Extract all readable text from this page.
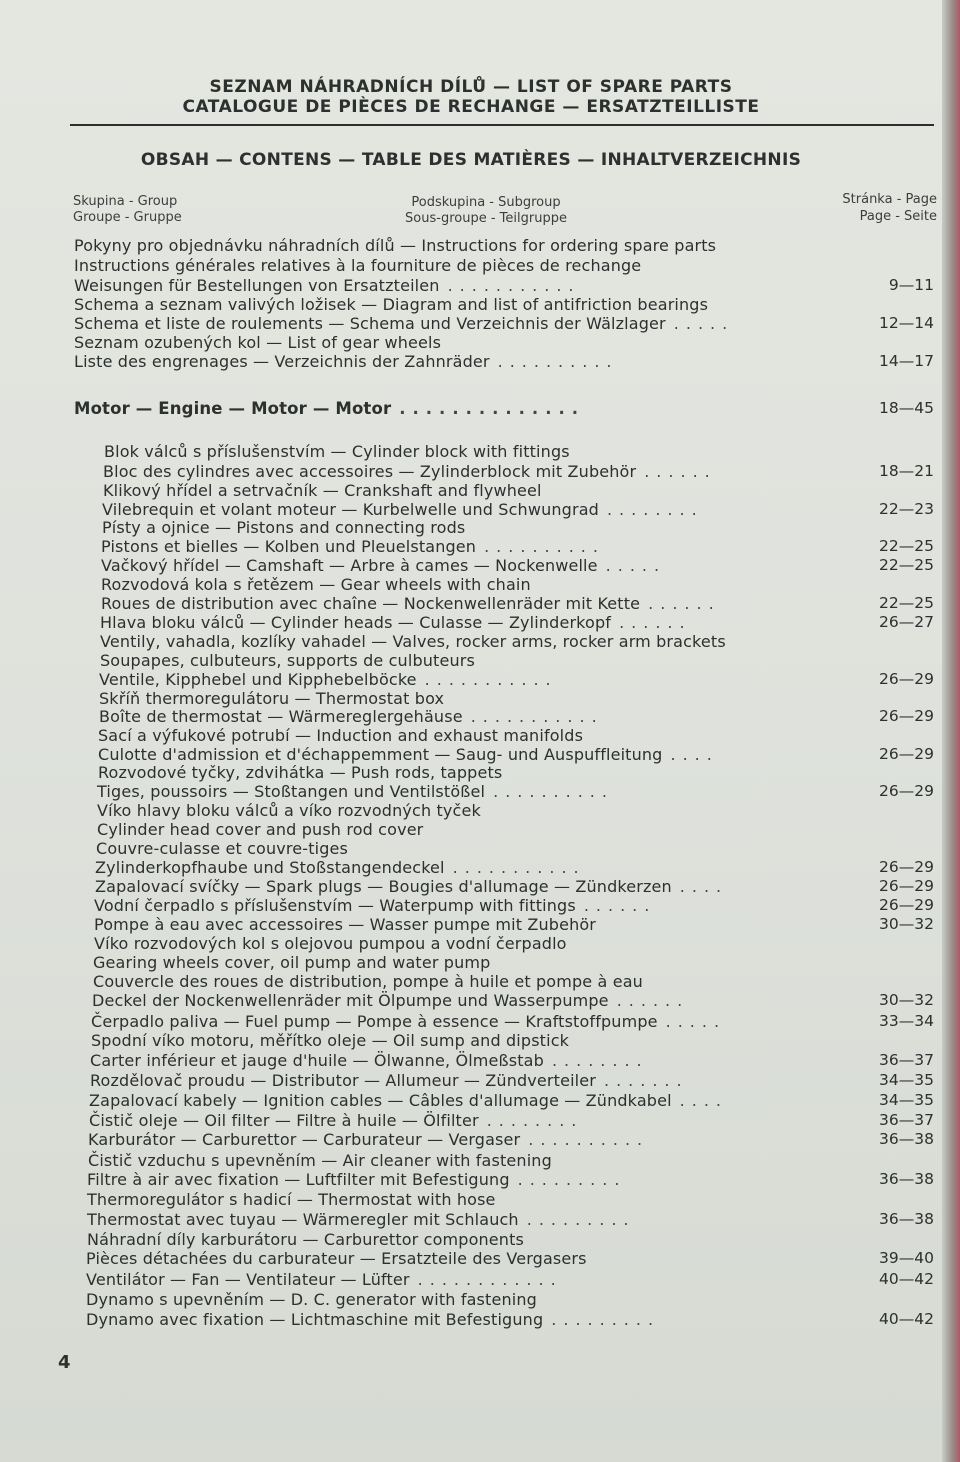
SEZNAM NÁHRADNÍCH DÍLŮ — LIST OF SPARE PARTS
CATALOGUE DE PIÈCES DE RECHANGE — ERSATZTEILLISTE
OBSAH — CONTENS — TABLE DES MATIÈRES — INHALTVERZEICHNIS
Skupina - Group
Groupe - Gruppe
Podskupina - Subgroup
Sous-groupe - Teilgruppe
Stránka - Page
Page - Seite
Pokyny pro objednávku náhradních dílů — Instructions for ordering spare parts
Instructions générales relatives à la fourniture de pièces de rechange
Weisungen für Bestellungen von Ersatzteilen ...........	9—11
Schema a seznam valivých ložisek — Diagram and list of antifriction bearings
Schema et liste de roulements — Schema und Verzeichnis der Wälzlager .....	12—14
Seznam ozubených kol — List of gear wheels
Liste des engrenages — Verzeichnis der Zahnräder ..........	14—17
Motor — Engine — Motor — Motor ..............	18—45
Blok válců s příslušenstvím — Cylinder block with fittings
Bloc des cylindres avec accessoires — Zylinderblock mit Zubehör ......	18—21
Klikový hřídel a setrvačník — Crankshaft and flywheel
Vilebrequin et volant moteur — Kurbelwelle und Schwungrad ........	22—23
Písty a ojnice — Pistons and connecting rods
Pistons et bielles — Kolben und Pleuelstangen ..........	22—25
Vačkový hřídel — Camshaft — Arbre à cames — Nockenwelle .....	22—25
Rozvodová kola s řetězem — Gear wheels with chain
Roues de distribution avec chaîne — Nockenwellenräder mit Kette ......	22—25
Hlava bloku válců — Cylinder heads — Culasse — Zylinderkopf ......	26—27
Ventily, vahadla, kozlíky vahadel — Valves, rocker arms, rocker arm brackets
Soupapes, culbuteurs, supports de culbuteurs
Ventile, Kipphebel und Kipphebelböcke ...........	26—29
Skříň thermoregulátoru — Thermostat box
Boîte de thermostat — Wärmereglergehäuse ...........	26—29
Sací a výfukové potrubí — Induction and exhaust manifolds
Culotte d'admission et d'échappemment — Saug- und Auspuffleitung ....	26—29
Rozvodové tyčky, zdvihátka — Push rods, tappets
Tiges, poussoirs — Stoßtangen und Ventilstößel ..........	26—29
Víko hlavy bloku válců a víko rozvodných tyček
Cylinder head cover and push rod cover
Couvre-culasse et couvre-tiges
Zylinderkopfhaube und Stoßstangendeckel ...........	26—29
Zapalovací svíčky — Spark plugs — Bougies d'allumage — Zündkerzen ....	26—29
Vodní čerpadlo s příslušenstvím — Waterpump with fittings ......	26—29
Pompe à eau avec accessoires — Wasser pumpe mit Zubehör	30—32
Víko rozvodových kol s olejovou pumpou a vodní čerpadlo
Gearing wheels cover, oil pump and water pump
Couvercle des roues de distribution, pompe à huile et pompe à eau
Deckel der Nockenwellenräder mit Ölpumpe und Wasserpumpe ......	30—32
Čerpadlo paliva — Fuel pump — Pompe à essence — Kraftstoffpumpe .....	33—34
Spodní víko motoru, měřítko oleje — Oil sump and dipstick
Carter inférieur et jauge d'huile — Ölwanne, Ölmeßstab ........	36—37
Rozdělovač proudu — Distributor — Allumeur — Zündverteiler .......	34—35
Zapalovací kabely — Ignition cables — Câbles d'allumage — Zündkabel ....	34—35
Čistič oleje — Oil filter — Filtre à huile — Ölfilter ........	36—37
Karburátor — Carburettor — Carburateur — Vergaser ..........	36—38
Čistič vzduchu s upevněním — Air cleaner with fastening
Filtre à air avec fixation — Luftfilter mit Befestigung .........	36—38
Thermoregulátor s hadicí — Thermostat with hose
Thermostat avec tuyau — Wärmeregler mit Schlauch .........	36—38
Náhradní díly karburátoru — Carburettor components
Pièces détachées du carburateur — Ersatzteile des Vergasers	39—40
Ventilátor — Fan — Ventilateur — Lüfter ............	40—42
Dynamo s upevněním — D. C. generator with fastening
Dynamo avec fixation — Lichtmaschine mit Befestigung .........	40—42
4
